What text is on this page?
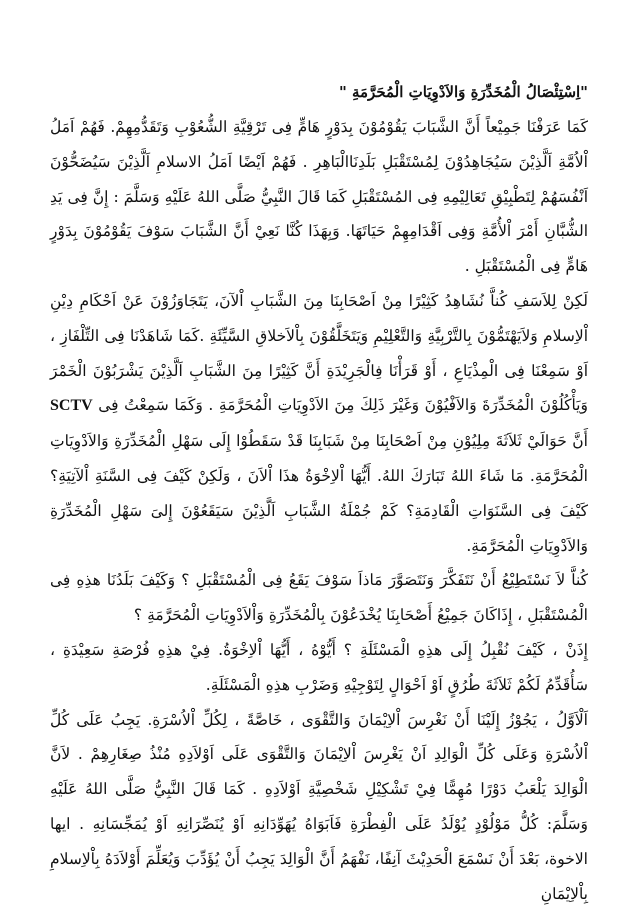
"اِسْتِئْصَالُ الْمُخَدِّرَةِ وَالاَدْوِيَاتِ الْمُحَرَّمَةِ "

كَمَا عَرَفْنَا جَمِيْعاً أَنَّ الشَّبَابَ يَقُوْمُوْنَ بِدَوْرٍ هَامٍّ فِى تَرْقِيَّةِ الشُّعُوْبِ وَتَقَدُّمِهِمْ. فَهُمْ اَمَلُ اْلاُمَّةِ اَلَّذِيْنَ سَيُجَاهِدُوْنَ لِمُسْتَقْبَلِ بَلَدِنَاالْبَاهِرِ . فَهُمْ اَيْضًا اَمَلُ الاسلامِ اَلَّذِيْنَ سَيُضَحُّوْنَ اَنْفُسَهُمْ لِتَطْبِيْقِ تَعَالِيْمِهِ فِى المُسْتَقْبَلِ كَمَا قَالَ النَّبِيُّ صَلَّى اللهُ عَلَيْهِ وَسَلَّمَ : إِنَّ فِى يَدِ الشُّبَّانِ أَمْرَ اْلأُمَّةِ وَفِى اَقْدَامِهِمْ حَيَاتَهَا. وَبِهَذَا كُنَّا نَعِيْ أَنَّ الشَّبَابَ سَوْفَ يَقُوْمُوْنَ بِدَوْرٍ هَامٍّ فِى الْمُسْتَقْبَلِ .

لَكِنْ لِلاَسَفِ كُناَّ نُشَاهِدُ كَثِيْرًا مِنْ اَصْحَابِنَا مِنَ الشَّبَابِ اْلآنَ، يَتَجَاوَزُوْنَ عَنْ اَحْكَامِ دِيْنِ اْلاِسلامِ وَلاَيَهْتَمُّوْنَ بِالتَّرْبِيَّةِ وَالتَّعْلِيْمِ وَيَتَخَلَّقُوْنَ بِاْلاَخلاقِ السَّيِّئَةِ .كَمَا شَاهَدْنَا فِى التِّلْفَازِ ، اَوْ سَمِعْنَا فِى الْمِذْيَاعِ ، أَوْ قَرَأْنَا فِالْجَرِيْدَةِ أَنَّ كَثِيْرًا مِنَ الشَّبَابِ اَلَّذِيْنَ يَشْرَبُوْنَ الْخَمْرَ وَيَأْكُلُوْنَ الْمُخَدِّرَةَ وَالاَفْيُوْنَ وَغَيْرَ ذَلِكَ مِنَ الاَدْوِيَاتِ الْمُحَرَّمَةِ . وَكَمَا سَمِعْتُ فِى SCTV أَنَّ حَوَالَيْ ثَلاَثَةَ مِلِيُوْنِ مِنْ اَصْحَابِنَا مِنْ شَبَابِنَا قَدْ سَقَطُوْا إِلَى سَهْلِ الْمُخَدِّرَةِ وَالاَدْوِيَاتِ الْمُحَرَّمَةِ. مَا شَاءَ اللهُ تَبَارَكَ اللهُ. أَيُّهَا اْلاِخْوَةُ هذَا اْلاَنَ ، وَلَكِنْ كَيْفَ فِى السَّنَةِ اْلآتِيَةِ؟ كَيْفَ فِى السَّنَوَاتِ الْقَادِمَةِ؟ كَمْ جُمْلَةُ الشَّبَابِ اَلَّذِيْنَ سَيَقَعُوْنَ إِلىَ سَهْلِ الْمُخَدِّرَةِ وَالاَدْوِيَاتِ الْمُحَرَّمَةِ.

كُناَّ لاَ نَسْتَطِيْعُ أَنْ نَتَفَكَّرَ وَنَتَصَوَّرَ مَاذاَ سَوْفَ يَقَعُ فِى الْمُسْتَقْبَلِ ؟ وَكَيْفَ بَلَدُنَا هذِهِ فِى الْمُسْتَقْبَلِ ، إِذَاكَانَ جَمِيْعُ أَصْحَابِنَا يُخْدَعُوْنَ بِالْمُخَدِّرَةِ وَاْلاَدْوِيَاتِ الْمُحَرَّمَةِ ؟

إِذَنْ ، كَيْفَ نُقْبِلُ إِلَى هذِهِ الْمَسْئَلَةِ ؟ أَيُّوْهُ ، أَيُّهَا اْلاِخْوَةُ. فِيْ هذِهِ فُرْصَةِ سَعِيْدَةِ ، سَأُقَدِّمُ لَكُمْ ثَلاَثَةَ طُرُقٍ اَوْ اَحْوَالٍ لِتَوْجِيْهِ وَضَرْبِ هذِهِ الْمَسْئَلَةِ.

اَلْاَوَّلُ ، يَجُوْزُ إِلَيْنَا أَنْ نَغْرِسَ اْلاِيْمَانَ وَالتَّقْوَى ، خَاصَّةً ، لِكُلِّ اْلاُسْرَةِ. يَجِبُ عَلَى كُلِّ اْلاُسْرَةِ وَعَلَى كُلِّ الْوَالِدِ اَنْ يَغْرِسَ اْلاِيْمَانَ وَالتَّقْوَى عَلَى اَوْلاَدِهِ مُنْذُ صِغَارِهِمْ . لاَنَّ الْوَالِدَ يَلْعَبُ دَوْرًا مُهِمًّا فِيْ تَشْكِيْلِ شَخْصِيَّةِ اَوْلاَدِهِ . كَمَا قَالَ النَّبِيُّ صَلَّى اللهُ عَلَيْهِ وَسَلَّمَ: كُلُّ مَوْلُوْدٍ يُوْلَدُ عَلَى الْفِطْرَةِ فَاَبَوَاهُ يُهَوِّدَانِهِ اَوْ يُنَصِّرَانِهِ اَوْ يُمَجِّسَانِهِ . ايها الاخوة، بَعْدَ أَنْ نَسْمَعَ الْحَدِيْثَ آنِفًا، نَفْهَمُ أَنَّ الْوَالِدَ يَجِبُ أَنْ يُؤَدِّبَ وَيُعَلِّمَ أَوْلاَدَهُ بِاْلاِسلامِ بِاْلاِيْمَانِ
